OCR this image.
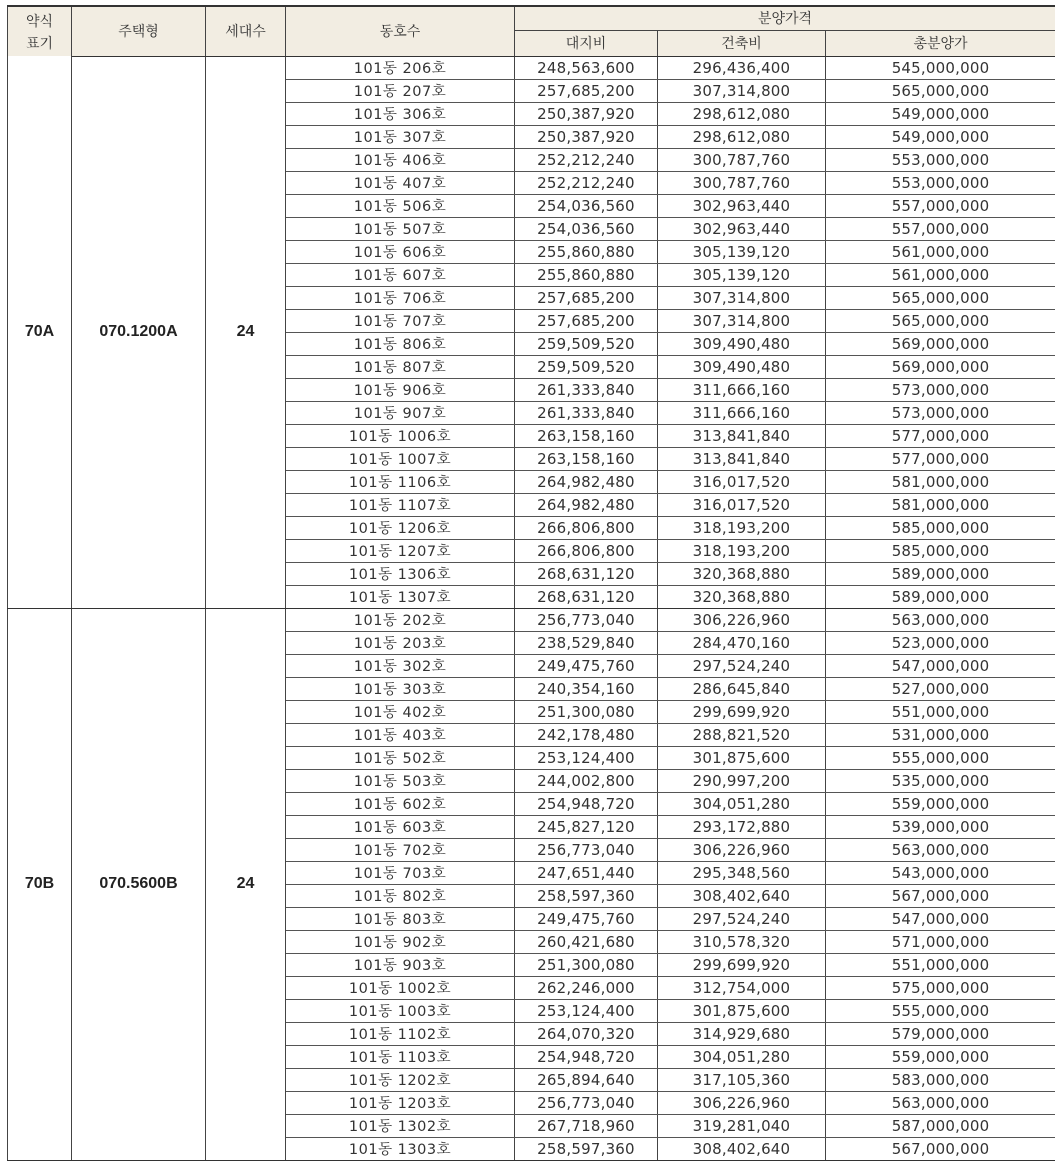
약식
표기	주택형	세대수	동호수	분양가격		
				대지비	건축비	총분양가
70A	070.1200A	24	101동 206호	248,563,600	296,436,400	545,000,000
			101동 207호	257,685,200	307,314,800	565,000,000
			101동 306호	250,387,920	298,612,080	549,000,000
			101동 307호	250,387,920	298,612,080	549,000,000
			101동 406호	252,212,240	300,787,760	553,000,000
			101동 407호	252,212,240	300,787,760	553,000,000
			101동 506호	254,036,560	302,963,440	557,000,000
			101동 507호	254,036,560	302,963,440	557,000,000
			101동 606호	255,860,880	305,139,120	561,000,000
			101동 607호	255,860,880	305,139,120	561,000,000
			101동 706호	257,685,200	307,314,800	565,000,000
			101동 707호	257,685,200	307,314,800	565,000,000
			101동 806호	259,509,520	309,490,480	569,000,000
			101동 807호	259,509,520	309,490,480	569,000,000
			101동 906호	261,333,840	311,666,160	573,000,000
			101동 907호	261,333,840	311,666,160	573,000,000
			101동 1006호	263,158,160	313,841,840	577,000,000
			101동 1007호	263,158,160	313,841,840	577,000,000
			101동 1106호	264,982,480	316,017,520	581,000,000
			101동 1107호	264,982,480	316,017,520	581,000,000
			101동 1206호	266,806,800	318,193,200	585,000,000
			101동 1207호	266,806,800	318,193,200	585,000,000
			101동 1306호	268,631,120	320,368,880	589,000,000
			101동 1307호	268,631,120	320,368,880	589,000,000
70B	070.5600B	24	101동 202호	256,773,040	306,226,960	563,000,000
			101동 203호	238,529,840	284,470,160	523,000,000
			101동 302호	249,475,760	297,524,240	547,000,000
			101동 303호	240,354,160	286,645,840	527,000,000
			101동 402호	251,300,080	299,699,920	551,000,000
			101동 403호	242,178,480	288,821,520	531,000,000
			101동 502호	253,124,400	301,875,600	555,000,000
			101동 503호	244,002,800	290,997,200	535,000,000
			101동 602호	254,948,720	304,051,280	559,000,000
			101동 603호	245,827,120	293,172,880	539,000,000
			101동 702호	256,773,040	306,226,960	563,000,000
			101동 703호	247,651,440	295,348,560	543,000,000
			101동 802호	258,597,360	308,402,640	567,000,000
			101동 803호	249,475,760	297,524,240	547,000,000
			101동 902호	260,421,680	310,578,320	571,000,000
			101동 903호	251,300,080	299,699,920	551,000,000
			101동 1002호	262,246,000	312,754,000	575,000,000
			101동 1003호	253,124,400	301,875,600	555,000,000
			101동 1102호	264,070,320	314,929,680	579,000,000
			101동 1103호	254,948,720	304,051,280	559,000,000
			101동 1202호	265,894,640	317,105,360	583,000,000
			101동 1203호	256,773,040	306,226,960	563,000,000
			101동 1302호	267,718,960	319,281,040	587,000,000
			101동 1303호	258,597,360	308,402,640	567,000,000
